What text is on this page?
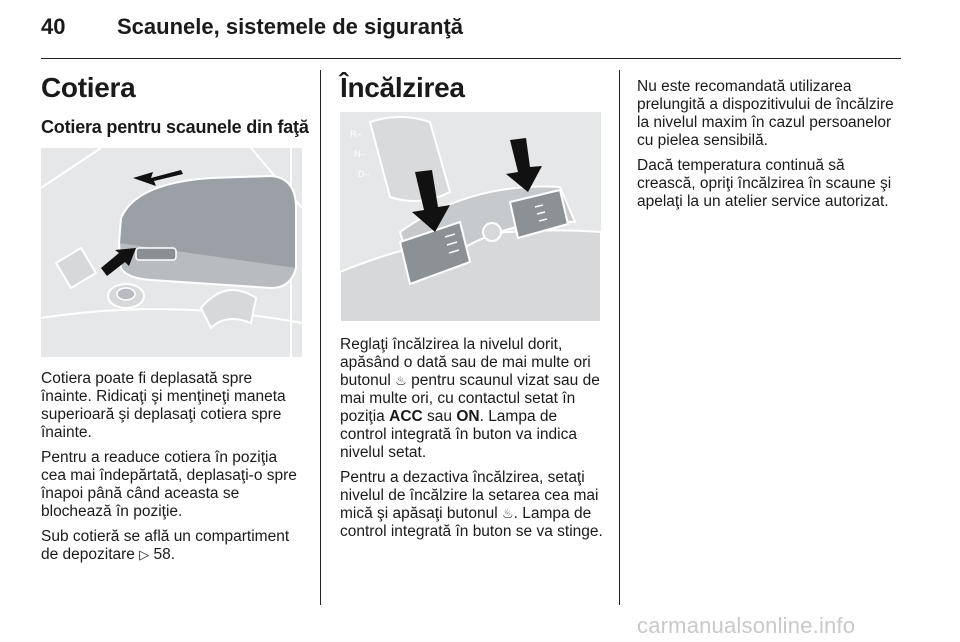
40 Scaunele, sistemele de siguranţă
Cotiera
Cotiera pentru scaunele din faţă

Cotiera poate fi deplasată spre înainte. Ridicaţi şi menţineţi maneta superioară şi deplasaţi cotiera spre înainte.

Pentru a readuce cotiera în poziţia cea mai îndepărtată, deplasaţi-o spre înapoi până când aceasta se blochează în poziţie.

Sub cotieră se află un compartiment de depozitare ▷ 58.

Încălzirea
R–
N–
D–

Reglaţi încălzirea la nivelul dorit, apăsând o dată sau de mai multe ori butonul ♨ pentru scaunul vizat sau de mai multe ori, cu contactul setat în poziţia ACC sau ON. Lampa de control integrată în buton va indica nivelul setat.

Pentru a dezactiva încălzirea, setaţi nivelul de încălzire la setarea cea mai mică şi apăsaţi butonul ♨. Lampa de control integrată în buton se va stinge.

Nu este recomandată utilizarea prelungită a dispozitivului de încălzire la nivelul maxim în cazul persoanelor cu pielea sensibilă.

Dacă temperatura continuă să crească, opriţi încălzirea în scaune şi apelaţi la un atelier service autorizat.

carmanualsonline.info
